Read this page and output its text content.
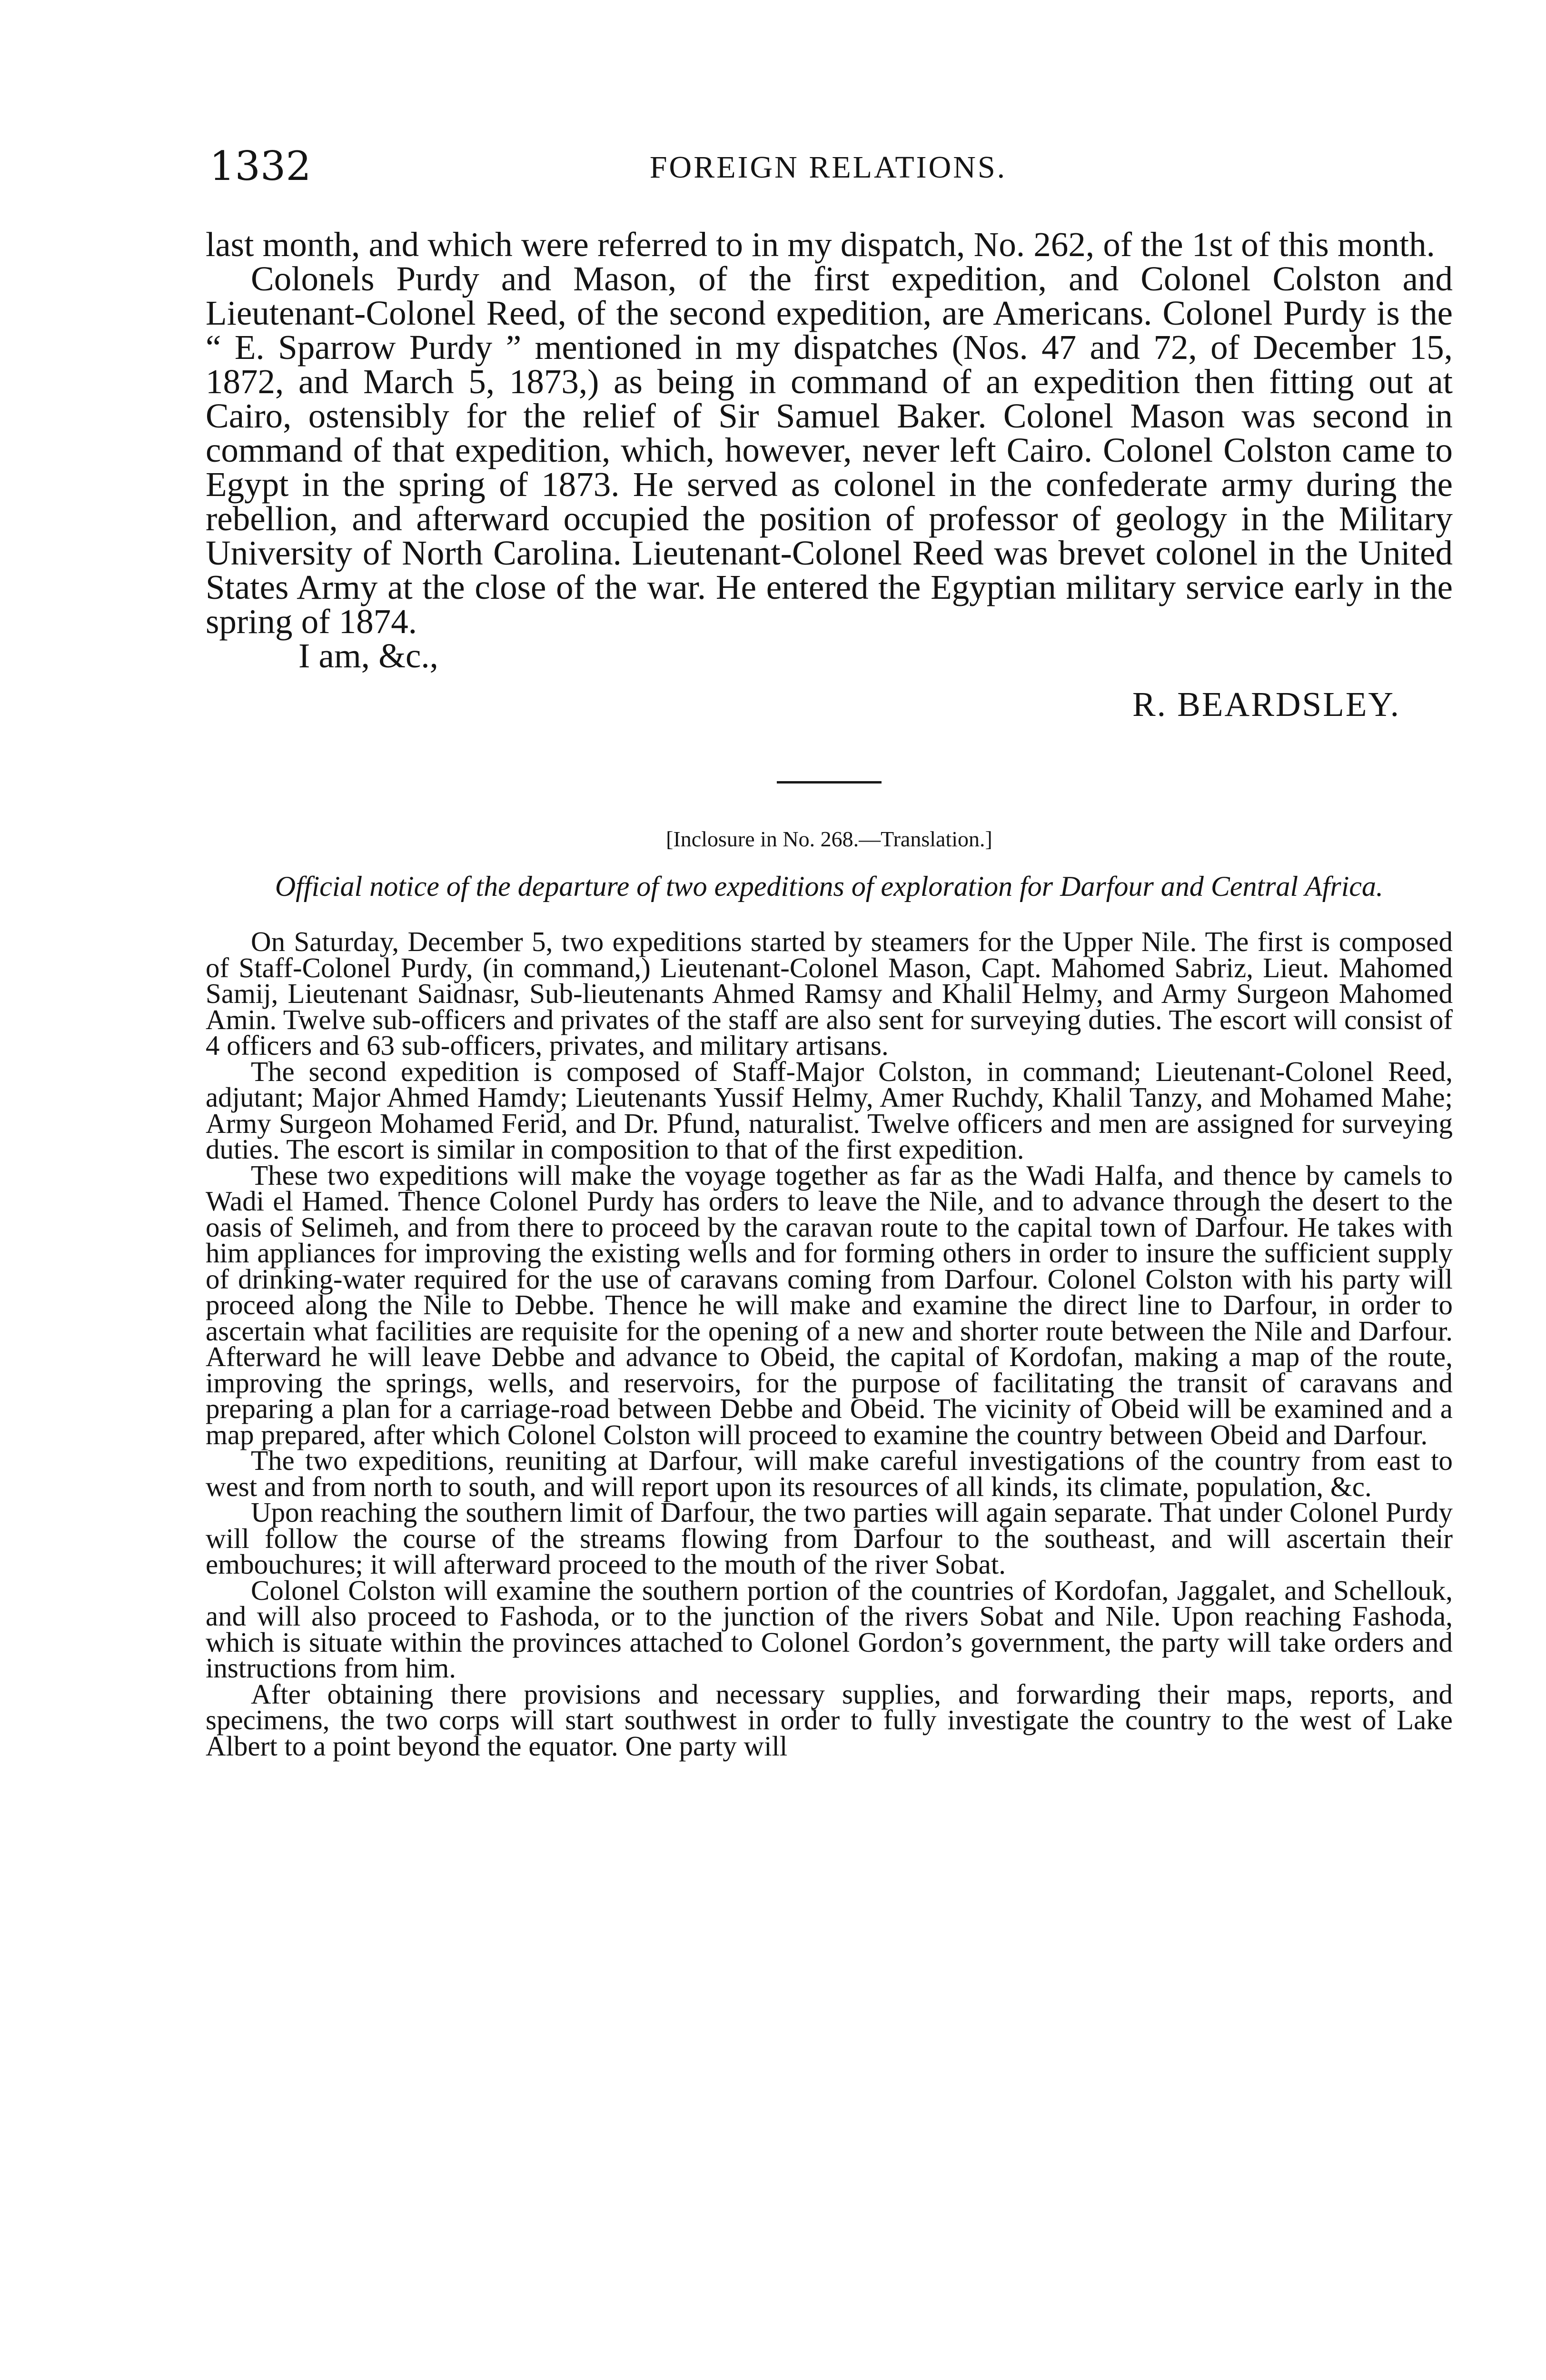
1332	FOREIGN RELATIONS.

last month, and which were referred to in my dispatch, No. 262, of the 1st of this month.

Colonels Purdy and Mason, of the first expedition, and Colonel Colston and Lieutenant-Colonel Reed, of the second expedition, are Americans. Colonel Purdy is the “ E. Sparrow Purdy ” mentioned in my dispatches (Nos. 47 and 72, of December 15, 1872, and March 5, 1873,) as being in command of an expedition then fitting out at Cairo, ostensibly for the relief of Sir Samuel Baker. Colonel Mason was second in command of that expedition, which, however, never left Cairo. Colonel Colston came to Egypt in the spring of 1873. He served as colonel in the confederate army during the rebellion, and afterward occupied the position of professor of geology in the Military University of North Carolina. Lieutenant-Colonel Reed was brevet colonel in the United States Army at the close of the war. He entered the Egyptian military service early in the spring of 1874.

I am, &c.,

R. BEARDSLEY.

[Inclosure in No. 268.—Translation.]
Official notice of the departure of two expeditions of exploration for Darfour and Central Africa.

On Saturday, December 5, two expeditions started by steamers for the Upper Nile. The first is composed of Staff-Colonel Purdy, (in command,) Lieutenant-Colonel Mason, Capt. Mahomed Sabriz, Lieut. Mahomed Samij, Lieutenant Saidnasr, Sub-lieutenants Ahmed Ramsy and Khalil Helmy, and Army Surgeon Mahomed Amin. Twelve sub-officers and privates of the staff are also sent for surveying duties. The escort will consist of 4 officers and 63 sub-officers, privates, and military artisans.

The second expedition is composed of Staff-Major Colston, in command; Lieutenant-Colonel Reed, adjutant; Major Ahmed Hamdy; Lieutenants Yussif Helmy, Amer Ruchdy, Khalil Tanzy, and Mohamed Mahe; Army Surgeon Mohamed Ferid, and Dr. Pfund, naturalist. Twelve officers and men are assigned for surveying duties. The escort is similar in composition to that of the first expedition.

These two expeditions will make the voyage together as far as the Wadi Halfa, and thence by camels to Wadi el Hamed. Thence Colonel Purdy has orders to leave the Nile, and to advance through the desert to the oasis of Selimeh, and from there to proceed by the caravan route to the capital town of Darfour. He takes with him appliances for improving the existing wells and for forming others in order to insure the sufficient supply of drinking-water required for the use of caravans coming from Darfour. Colonel Colston with his party will proceed along the Nile to Debbe. Thence he will make and examine the direct line to Darfour, in order to ascertain what facilities are requisite for the opening of a new and shorter route between the Nile and Darfour. Afterward he will leave Debbe and advance to Obeid, the capital of Kordofan, making a map of the route, improving the springs, wells, and reservoirs, for the purpose of facilitating the transit of caravans and preparing a plan for a carriage-road between Debbe and Obeid. The vicinity of Obeid will be examined and a map prepared, after which Colonel Colston will proceed to examine the country between Obeid and Darfour.

The two expeditions, reuniting at Darfour, will make careful investigations of the country from east to west and from north to south, and will report upon its resources of all kinds, its climate, population, &c.

Upon reaching the southern limit of Darfour, the two parties will again separate. That under Colonel Purdy will follow the course of the streams flowing from Darfour to the southeast, and will ascertain their embouchures; it will afterward proceed to the mouth of the river Sobat.

Colonel Colston will examine the southern portion of the countries of Kordofan, Jaggalet, and Schellouk, and will also proceed to Fashoda, or to the junction of the rivers Sobat and Nile. Upon reaching Fashoda, which is situate within the provinces attached to Colonel Gordon’s government, the party will take orders and instructions from him.

After obtaining there provisions and necessary supplies, and forwarding their maps, reports, and specimens, the two corps will start southwest in order to fully investigate the country to the west of Lake Albert to a point beyond the equator. One party will
